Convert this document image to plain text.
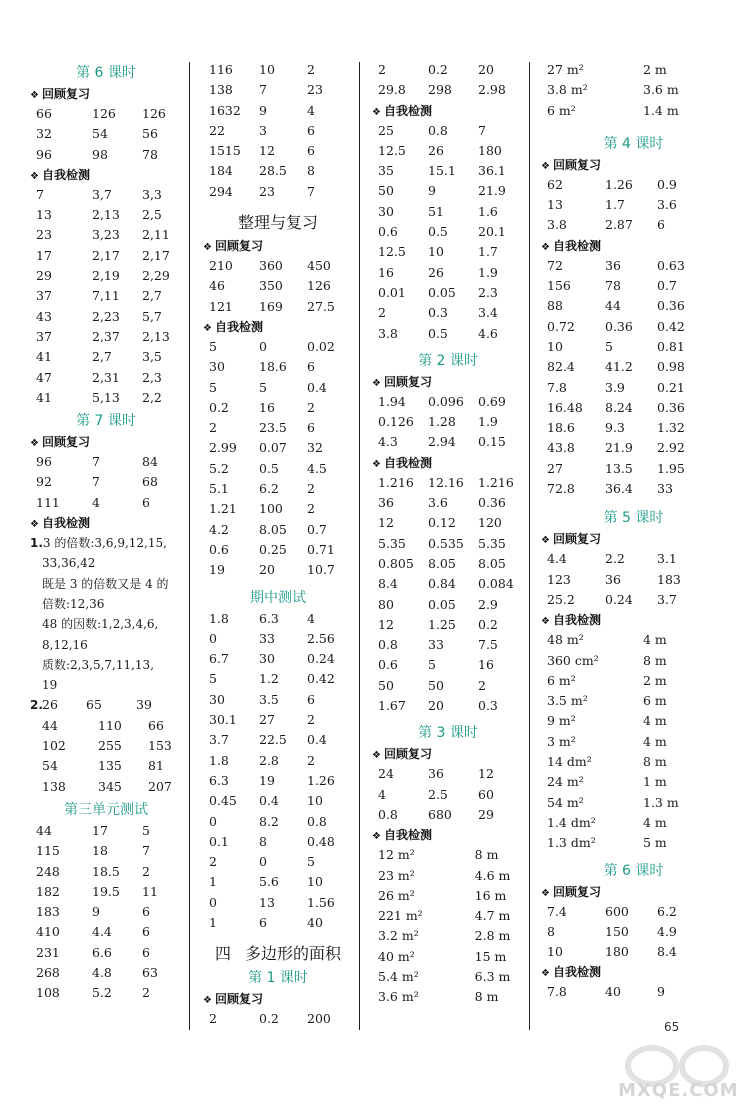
第 6 课时
❖ 回顾复习
66	126	126
32	54	56
96	98	78
❖ 自我检测
7	3,7	3,3
13	2,13	2,5
23	3,23	2,11
17	2,17	2,17
29	2,19	2,29
37	7,11	2,7
43	2,23	5,7
37	2,37	2,13
41	2,7	3,5
47	2,31	2,3
41	5,13	2,2
第 7 课时
❖ 回顾复习
96	7	84
92	7	68
111	4	6
❖ 自我检测
1.3 的倍数:3,6,9,12,15,
33,36,42
既是 3 的倍数又是 4 的
倍数:12,36
48 的因数:1,2,3,4,6,
8,12,16
质数:2,3,5,7,11,13,
19
2. 26	65	39
44	110	66
102	255	153
54	135	81
138	345	207
第三单元测试
44	17	5
115	18	7
248	18.5	2
182	19.5	11
183	9	6
410	4.4	6
231	6.6	6
268	4.8	63
108	5.2	2
116	10	2
138	7	23
1632	9	4
22	3	6
1515	12	6
184	28.5	8
294	23	7
整理与复习
❖ 回顾复习
210	360	450
46	350	126
121	169	27.5
❖ 自我检测
5	0	0.02
30	18.6	6
5	5	0.4
0.2	16	2
2	23.5	6
2.99	0.07	32
5.2	0.5	4.5
5.1	6.2	2
1.21	100	2
4.2	8.05	0.7
0.6	0.25	0.71
19	20	10.7
期中测试
1.8	6.3	4
0	33	2.56
6.7	30	0.24
5	1.2	0.42
30	3.5	6
30.1	27	2
3.7	22.5	0.4
1.8	2.8	2
6.3	19	1.26
0.45	0.4	10
0	8.2	0.8
0.1	8	0.48
2	0	5
1	5.6	10
0	13	1.56
1	6	40
四 多边形的面积
第 1 课时
❖ 回顾复习
2	0.2	200
2	0.2	20
29.8	298	2.98
❖ 自我检测
25	0.8	7
12.5	26	180
35	15.1	36.1
50	9	21.9
30	51	1.6
0.6	0.5	20.1
12.5	10	1.7
16	26	1.9
0.01	0.05	2.3
2	0.3	3.4
3.8	0.5	4.6
第 2 课时
❖ 回顾复习
1.94	0.096	0.69
0.126	1.28	1.9
4.3	2.94	0.15
❖ 自我检测
1.216	12.16	1.216
36	3.6	0.36
12	0.12	120
5.35	0.535	5.35
0.805	8.05	8.05
8.4	0.84	0.084
80	0.05	2.9
12	1.25	0.2
0.8	33	7.5
0.6	5	16
50	50	2
1.67	20	0.3
第 3 课时
❖ 回顾复习
24	36	12
4	2.5	60
0.8	680	29
❖ 自我检测
12 m²	8 m
23 m²	4.6 m
26 m²	16 m
221 m²	4.7 m
3.2 m²	2.8 m
40 m²	15 m
5.4 m²	6.3 m
3.6 m²	8 m
27 m²	2 m
3.8 m²	3.6 m
6 m²	1.4 m
第 4 课时
❖ 回顾复习
62	1.26	0.9
13	1.7	3.6
3.8	2.87	6
❖ 自我检测
72	36	0.63
156	78	0.7
88	44	0.36
0.72	0.36	0.42
10	5	0.81
82.4	41.2	0.98
7.8	3.9	0.21
16.48	8.24	0.36
18.6	9.3	1.32
43.8	21.9	2.92
27	13.5	1.95
72.8	36.4	33
第 5 课时
❖ 回顾复习
4.4	2.2	3.1
123	36	183
25.2	0.24	3.7
❖ 自我检测
48 m²	4 m
360 cm²	8 m
6 m²	2 m
3.5 m²	6 m
9 m²	4 m
3 m²	4 m
14 dm²	8 m
24 m²	1 m
54 m²	1.3 m
1.4 dm²	4 m
1.3 dm²	5 m
第 6 课时
❖ 回顾复习
7.4	600	6.2
8	150	4.9
10	180	8.4
❖ 自我检测
7.8	40	9
65
MXQE.COM
